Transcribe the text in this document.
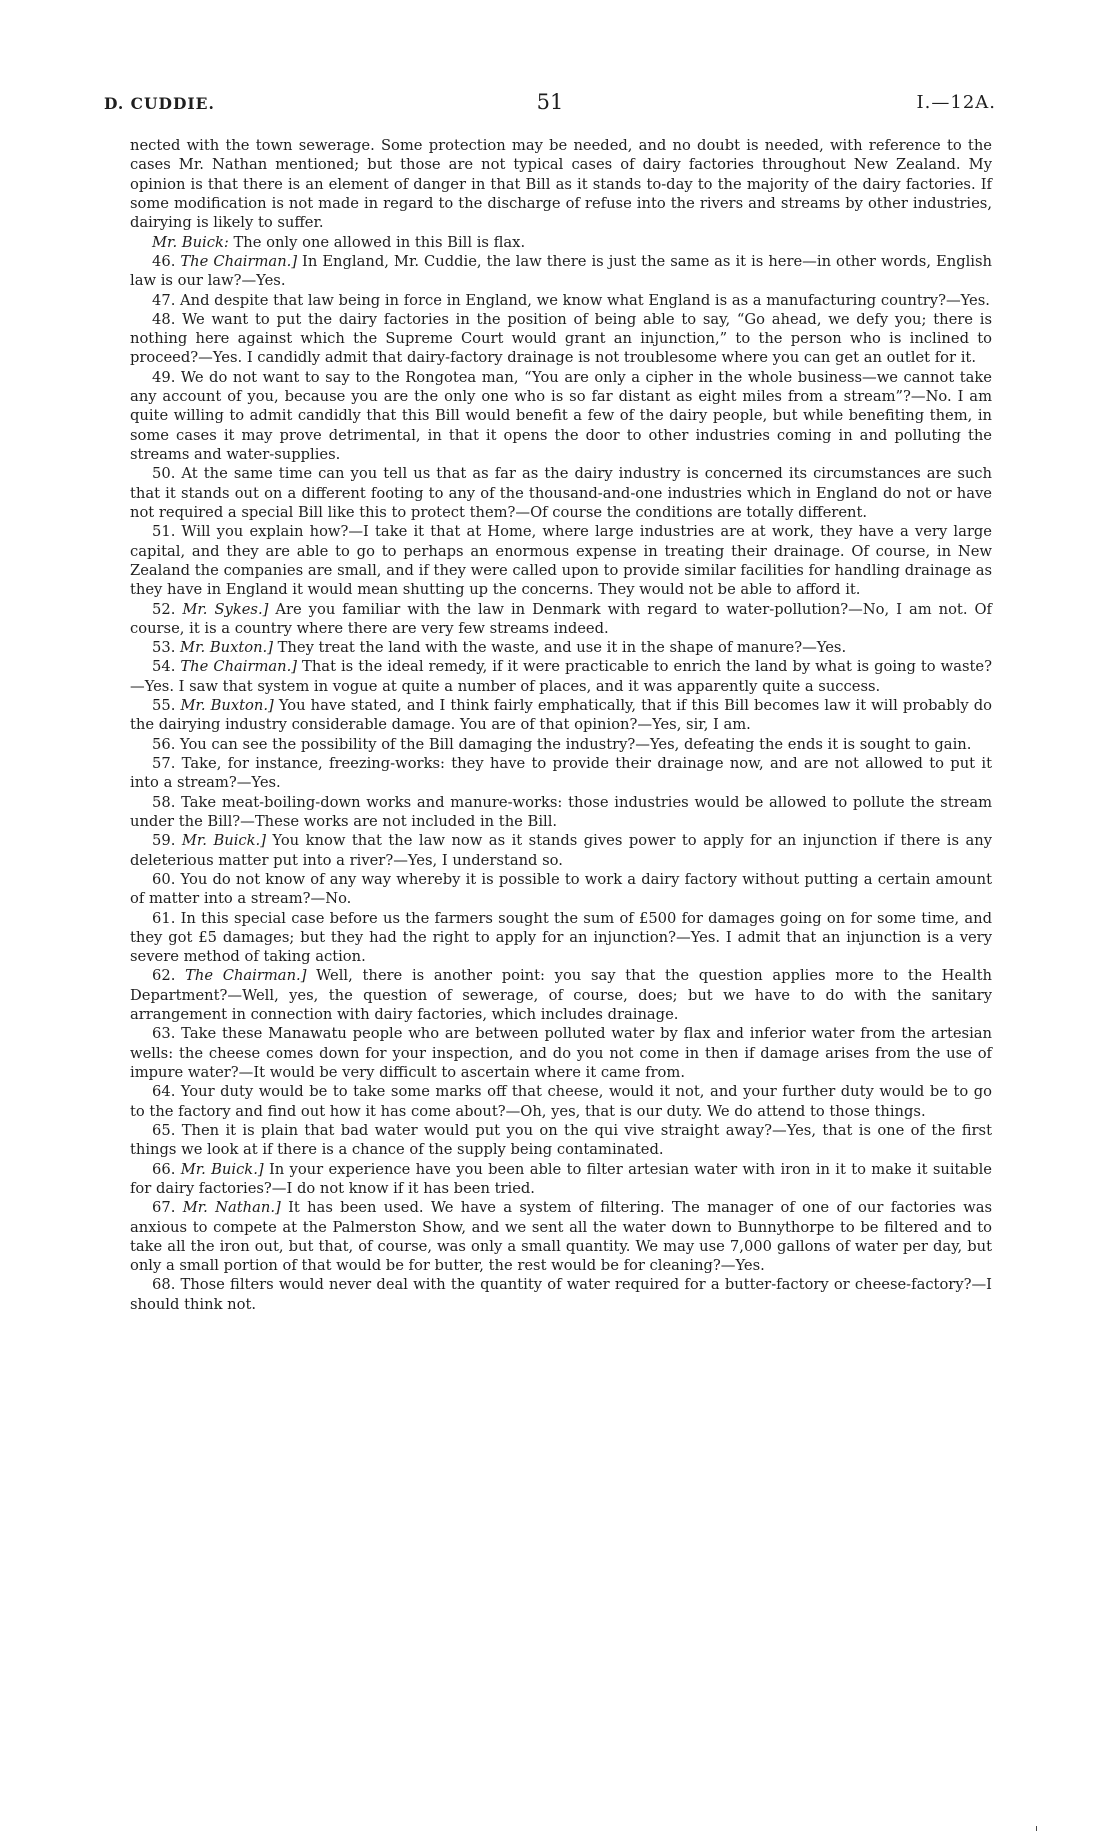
D. CUDDIE.	51	I.—12A.

nected with the town sewerage. Some protection may be needed, and no doubt is needed, with reference to the cases Mr. Nathan mentioned; but those are not typical cases of dairy factories throughout New Zealand. My opinion is that there is an element of danger in that Bill as it stands to-day to the majority of the dairy factories. If some modification is not made in regard to the discharge of refuse into the rivers and streams by other industries, dairying is likely to suffer.

Mr. Buick: The only one allowed in this Bill is flax.

46. The Chairman.] In England, Mr. Cuddie, the law there is just the same as it is here—in other words, English law is our law?—Yes.

47. And despite that law being in force in England, we know what England is as a manufacturing country?—Yes.

48. We want to put the dairy factories in the position of being able to say, “Go ahead, we defy you; there is nothing here against which the Supreme Court would grant an injunction,” to the person who is inclined to proceed?—Yes. I candidly admit that dairy-factory drainage is not troublesome where you can get an outlet for it.

49. We do not want to say to the Rongotea man, “You are only a cipher in the whole business—we cannot take any account of you, because you are the only one who is so far distant as eight miles from a stream”?—No. I am quite willing to admit candidly that this Bill would benefit a few of the dairy people, but while benefiting them, in some cases it may prove detrimental, in that it opens the door to other industries coming in and polluting the streams and water-supplies.

50. At the same time can you tell us that as far as the dairy industry is concerned its circumstances are such that it stands out on a different footing to any of the thousand-and-one industries which in England do not or have not required a special Bill like this to protect them?—Of course the conditions are totally different.

51. Will you explain how?—I take it that at Home, where large industries are at work, they have a very large capital, and they are able to go to perhaps an enormous expense in treating their drainage. Of course, in New Zealand the companies are small, and if they were called upon to provide similar facilities for handling drainage as they have in England it would mean shutting up the concerns. They would not be able to afford it.

52. Mr. Sykes.] Are you familiar with the law in Denmark with regard to water-pollution?—No, I am not. Of course, it is a country where there are very few streams indeed.

53. Mr. Buxton.] They treat the land with the waste, and use it in the shape of manure?—Yes.

54. The Chairman.] That is the ideal remedy, if it were practicable to enrich the land by what is going to waste?—Yes. I saw that system in vogue at quite a number of places, and it was apparently quite a success.

55. Mr. Buxton.] You have stated, and I think fairly emphatically, that if this Bill becomes law it will probably do the dairying industry considerable damage. You are of that opinion?—Yes, sir, I am.

56. You can see the possibility of the Bill damaging the industry?—Yes, defeating the ends it is sought to gain.

57. Take, for instance, freezing-works: they have to provide their drainage now, and are not allowed to put it into a stream?—Yes.

58. Take meat-boiling-down works and manure-works: those industries would be allowed to pollute the stream under the Bill?—These works are not included in the Bill.

59. Mr. Buick.] You know that the law now as it stands gives power to apply for an injunction if there is any deleterious matter put into a river?—Yes, I understand so.

60. You do not know of any way whereby it is possible to work a dairy factory without putting a certain amount of matter into a stream?—No.

61. In this special case before us the farmers sought the sum of £500 for damages going on for some time, and they got £5 damages; but they had the right to apply for an injunction?—Yes. I admit that an injunction is a very severe method of taking action.

62. The Chairman.] Well, there is another point: you say that the question applies more to the Health Department?—Well, yes, the question of sewerage, of course, does; but we have to do with the sanitary arrangement in connection with dairy factories, which includes drainage.

63. Take these Manawatu people who are between polluted water by flax and inferior water from the artesian wells: the cheese comes down for your inspection, and do you not come in then if damage arises from the use of impure water?—It would be very difficult to ascertain where it came from.

64. Your duty would be to take some marks off that cheese, would it not, and your further duty would be to go to the factory and find out how it has come about?—Oh, yes, that is our duty. We do attend to those things.

65. Then it is plain that bad water would put you on the qui vive straight away?—Yes, that is one of the first things we look at if there is a chance of the supply being contaminated.

66. Mr. Buick.] In your experience have you been able to filter artesian water with iron in it to make it suitable for dairy factories?—I do not know if it has been tried.

67. Mr. Nathan.] It has been used. We have a system of filtering. The manager of one of our factories was anxious to compete at the Palmerston Show, and we sent all the water down to Bunnythorpe to be filtered and to take all the iron out, but that, of course, was only a small quantity. We may use 7,000 gallons of water per day, but only a small portion of that would be for butter, the rest would be for cleaning?—Yes.

68. Those filters would never deal with the quantity of water required for a butter-factory or cheese-factory?—I should think not.
